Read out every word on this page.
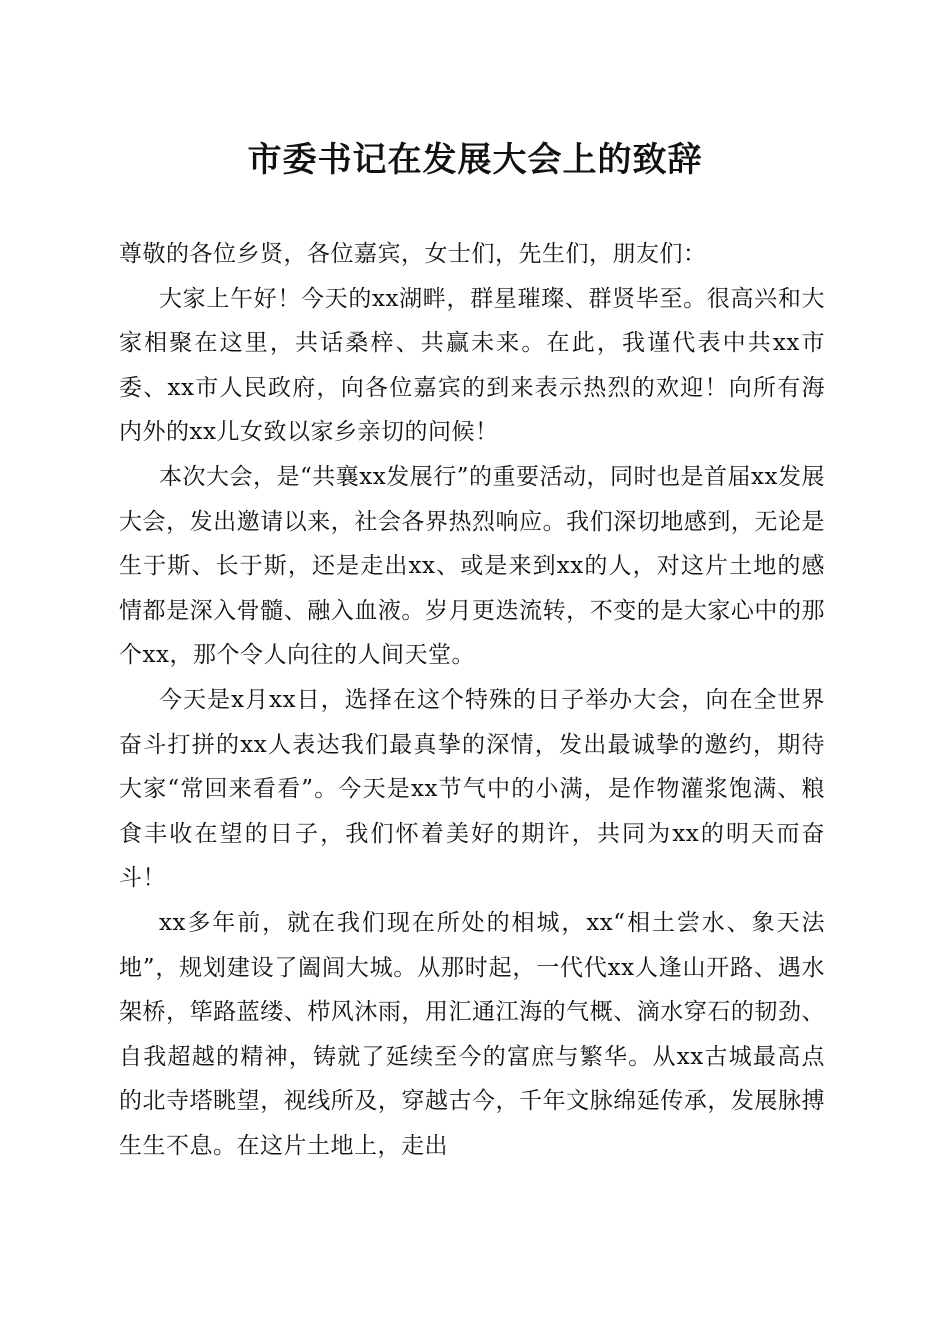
市委书记在发展大会上的致辞

尊敬的各位乡贤，各位嘉宾，女士们，先生们，朋友们：

大家上午好！今天的xx湖畔，群星璀璨、群贤毕至。很高兴和大家相聚在这里，共话桑梓、共赢未来。在此，我谨代表中共xx市委、xx市人民政府，向各位嘉宾的到来表示热烈的欢迎！向所有海内外的xx儿女致以家乡亲切的问候！

本次大会，是“共襄xx发展行”的重要活动，同时也是首届xx发展大会，发出邀请以来，社会各界热烈响应。我们深切地感到，无论是生于斯、长于斯，还是走出xx、或是来到xx的人，对这片土地的感情都是深入骨髓、融入血液。岁月更迭流转，不变的是大家心中的那个xx，那个令人向往的人间天堂。

今天是x月xx日，选择在这个特殊的日子举办大会，向在全世界奋斗打拼的xx人表达我们最真挚的深情，发出最诚挚的邀约，期待大家“常回来看看”。今天是xx节气中的小满，是作物灌浆饱满、粮食丰收在望的日子，我们怀着美好的期许，共同为xx的明天而奋斗！

xx多年前，就在我们现在所处的相城，xx“相土尝水、象天法地”，规划建设了阖闾大城。从那时起，一代代xx人逢山开路、遇水架桥，筚路蓝缕、栉风沐雨，用汇通江海的气概、滴水穿石的韧劲、自我超越的精神，铸就了延续至今的富庶与繁华。从xx古城最高点的北寺塔眺望，视线所及，穿越古今，千年文脉绵延传承，发展脉搏生生不息。在这片土地上，走出
